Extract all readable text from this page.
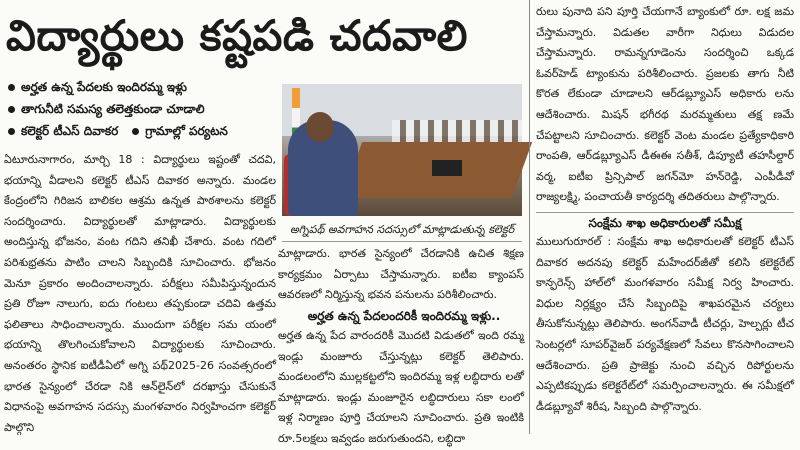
విద్యార్థులు కష్టపడి చదవాలి
అర్హత ఉన్న పేదలకు ఇందిరమ్మ ఇళ్లు
తాగునీటి సమస్య తలెత్తకుండా చూడాలి
కలెక్టర్ టీఎస్ దివాకర గ్రామాల్లో పర్యటన
ఏటూరునాగారం, మార్చి 18 : విద్యార్థులు ఇష్టంతో చదవి, భయాన్ని వీడాలని కలెక్టర్ టీఎస్ దివాకర అన్నారు. మండల కేంద్రంలోని గిరిజన బాలికల ఆశ్రమ ఉన్నత పాఠశాలను కలెక్టర్ సందర్శించారు. విద్యార్థులతో మాట్లాడారు. విద్యార్థులకు అందిస్తున్న భోజనం, వంట గదిని తనిఖీ చేశారు. వంట గదిలో పరిశుభ్రతను పాటిం చాలని సిబ్బందికి సూచించారు. భోజనం మెనూ ప్రకారం అందించాలన్నారు. పరీక్షలు సమీపిస్తున్నందున ప్రతి రోజూ నాలుగు, ఐదు గంటలు తప్పకుండా చదివి ఉత్తమ ఫలితాలు సాధించాలన్నారు. ముందుగా పరీక్షల సమ యంలో భయాన్ని తొలగించుకోవాలని విద్యార్థులకు సూచించారు. అనంతరం స్థానిక ఐటీడీఏలో అగ్ని పథ్2025-26 సంవత్సరంలో భారత సైన్యంలో చేరడా నికి ఆన్‌లైన్‌లో దరఖాస్తు చేసుకునే విధానంపై అవగాహన సదస్సు మంగళవారం నిర్వహించగా కలెక్టర్ పాల్గొని
అగ్నిపథ్ అవగాహన సదస్సులో మాట్లాడుతున్న కలెక్టర్
మాట్లాడారు. భారత సైన్యంలో చేరడానికి ఉచిత శిక్షణ కార్యక్రమం ఏర్పాటు చేస్తామన్నారు. ఐటీఐ క్యాంపస్ ఆవరణలో నిర్మిస్తున్న భవన పనులను పరిశీలించారు.
అర్హత ఉన్న పేదలందరికీ ఇందిరమ్మ ఇళ్లు..
అర్హత ఉన్న పేద వారందరికీ మొదటి విడుతలో ఇంది రమ్మ ఇండ్లు మంజూరు చేస్తున్నట్లు కలెక్టర్ తెలిపారు. మండలంలోని ముల్లకట్టలోని ఇందిరమ్మ ఇళ్ల లబ్ధిదారు లతో మాట్లాడారు. ఇండ్లు మంజూరైన లబ్ధిదారులు సకా లంలో ఇళ్ల నిర్మాణం పూర్తి చేయాలని సూచించారు. ప్రతి ఇంటికి రూ.5లక్షలు ఇవ్వడం జరుగుతుందని, లబ్ధిదా
రులు పునాది పని పూర్తి చేయగానే బ్యాంకులో రూ. లక్ష జమ చేస్తామన్నారు. విడుతల వారీగా నిధులు విడుదల చేస్తామన్నారు. రామన్నగూడెంను సందర్శించి ఒక్కడ ఓవర్‌హెడ్ ట్యాంకును పరిశీలించారు. ప్రజలకు తాగు నీటి కొరత లేకుండా చూడాలని ఆర్‌డబ్ల్యూఎస్ అధికారు లను ఆదేశించారు. మిషన్ భగీరథ మరమ్మతులు తక్ష ణమే చేపట్టాలని సూచించారు. కలెక్టర్ వెంట మండల ప్రత్యేకాధికారి రాంపతి, ఆర్‌డబ్ల్యూఎస్ డీఈఈ సతీశ్, డిప్యూటీ తహసీల్దార్ వర్మ, ఐటీఐ ప్రిన్సిపాల్ జగన్‌మో హన్‌రెడ్డి, ఎంపీడీవో రాజ్యలక్ష్మి, పంచాయతీ కార్యదర్శి తదితరులు పాల్గొన్నారు.
సంక్షేమ శాఖ అధికారులతో సమీక్ష
ములుగురూరల్ : సంక్షేమ శాఖ అధికారులతో కలెక్టర్ టీఎస్ దివాకర అదనపు కలెక్టర్ మహేందర్‌జీతో కలిసి కలెక్టరేట్ కాన్ఫరెన్స్ హాల్‌లో మంగళవారం సమీక్ష నిర్వ హించారు. విధుల నిర్లక్ష్యం చేసే సిబ్బందిపై శాఖపరమైన చర్యలు తీసుకోనున్నట్లు తెలిపారు. అంగన్‌వాడీ టీచర్లు, హెల్పర్లు టీచ సెంటర్లలో సూపర్‌వైజర్ పర్యవేక్షణలో సేవలు కొనసాగించాలని ఆదేశించారు. ప్రతి ప్రాజెక్టు నుంచి వచ్చిన రిపోర్టులను ఎప్పటికప్పుడు కలెక్టరేట్‌లో సమర్పించాలన్నారు. ఈ సమీక్షలో డీడబ్ల్యూవో శిరీష, సిబ్బంది పాల్గొన్నారు.
